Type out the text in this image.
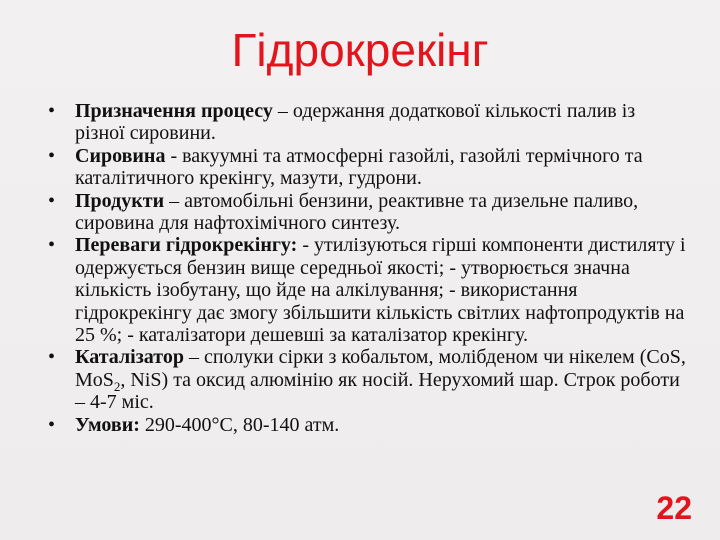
Гідрокрекінг
• Призначення процесу – одержання додаткової кількості палив із різної сировини.
• Сировина - вакуумні та атмосферні газойлі, газойлі термічного та каталітичного крекінгу, мазути, гудрони.
• Продукти – автомобільні бензини, реактивне та дизельне паливо, сировина для нафтохімічного синтезу.
• Переваги гідрокрекінгу: - утилізуються гірші компоненти дистиляту і одержується бензин вище середньої якості; - утворюється значна кількість ізобутану, що йде на алкілування; - використання гідрокрекінгу дає змогу збільшити кількість світлих нафтопродуктів на 25 %; - каталізатори дешевші за каталізатор крекінгу.
• Каталізатор – сполуки сірки з кобальтом, молібденом чи нікелем (CoS, MoS$_2$, NiS) та оксид алюмінію як носій. Нерухомий шар. Строк роботи – 4-7 міс.
• Умови: 290-400°С, 80-140 атм.
22
